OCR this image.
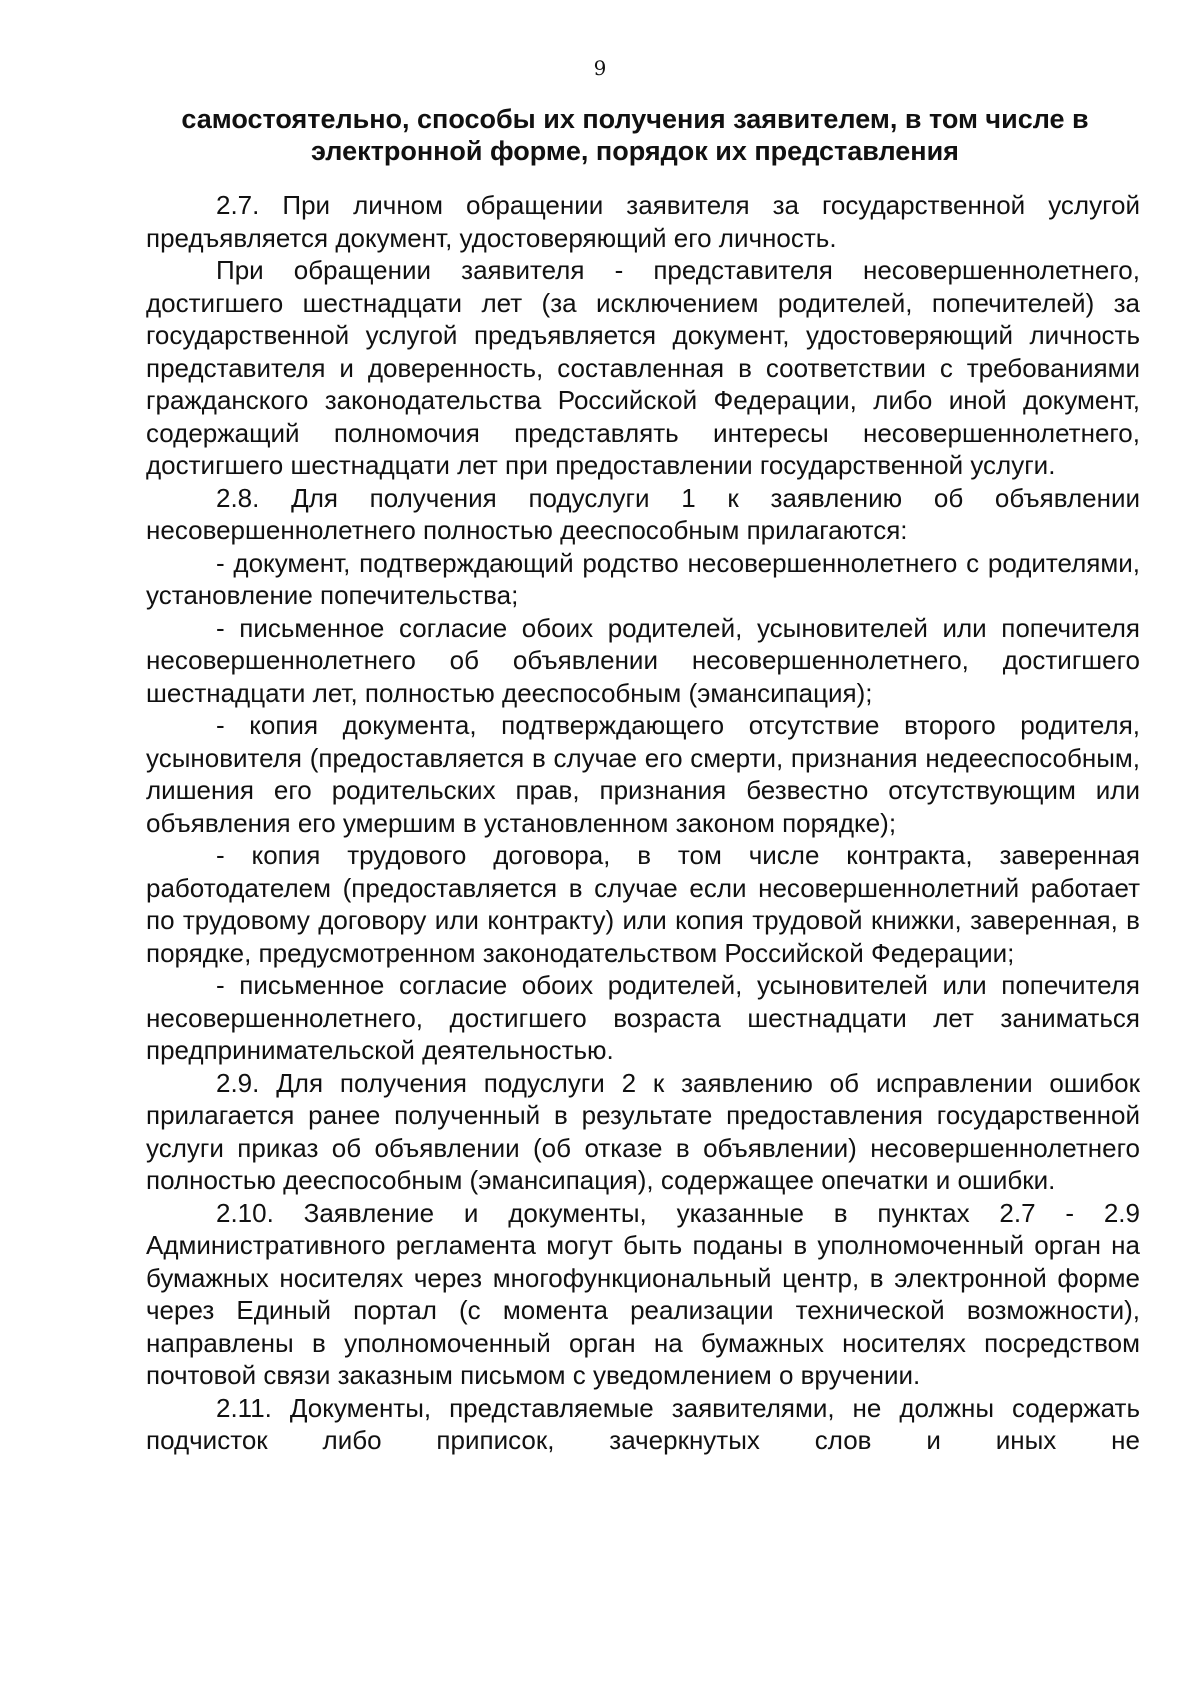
9
самостоятельно, способы их получения заявителем, в том числе в
электронной форме, порядок их представления

2.7. При личном обращении заявителя за государственной услугой предъявляется документ, удостоверяющий его личность.

При обращении заявителя - представителя несовершеннолетнего, достигшего шестнадцати лет (за исключением родителей, попечителей) за государственной услугой предъявляется документ, удостоверяющий личность представителя и доверенность, составленная в соответствии с требованиями гражданского законодательства Российской Федерации, либо иной документ, содержащий полномочия представлять интересы несовершеннолетнего, достигшего шестнадцати лет при предоставлении государственной услуги.

2.8. Для получения подуслуги 1 к заявлению об объявлении несовершеннолетнего полностью дееспособным прилагаются:

- документ, подтверждающий родство несовершеннолетнего с родителями, установление попечительства;

- письменное согласие обоих родителей, усыновителей или попечителя несовершеннолетнего об объявлении несовершеннолетнего, достигшего шестнадцати лет, полностью дееспособным (эмансипация);

- копия документа, подтверждающего отсутствие второго родителя, усыновителя (предоставляется в случае его смерти, признания недееспособным, лишения его родительских прав, признания безвестно отсутствующим или объявления его умершим в установленном законом порядке);

- копия трудового договора, в том числе контракта, заверенная работодателем (предоставляется в случае если несовершеннолетний работает по трудовому договору или контракту) или копия трудовой книжки, заверенная, в порядке, предусмотренном законодательством Российской Федерации;

- письменное согласие обоих родителей, усыновителей или попечителя несовершеннолетнего, достигшего возраста шестнадцати лет заниматься предпринимательской деятельностью.

2.9. Для получения подуслуги 2 к заявлению об исправлении ошибок прилагается ранее полученный в результате предоставления государственной услуги приказ об объявлении (об отказе в объявлении) несовершеннолетнего полностью дееспособным (эмансипация), содержащее опечатки и ошибки.

2.10. Заявление и документы, указанные в пунктах 2.7 - 2.9 Административного регламента могут быть поданы в уполномоченный орган на бумажных носителях через многофункциональный центр, в электронной форме через Единый портал (с момента реализации технической возможности), направлены в уполномоченный орган на бумажных носителях посредством почтовой связи заказным письмом с уведомлением о вручении.

2.11. Документы, представляемые заявителями, не должны содержать подчисток либо приписок, зачеркнутых слов и иных не
